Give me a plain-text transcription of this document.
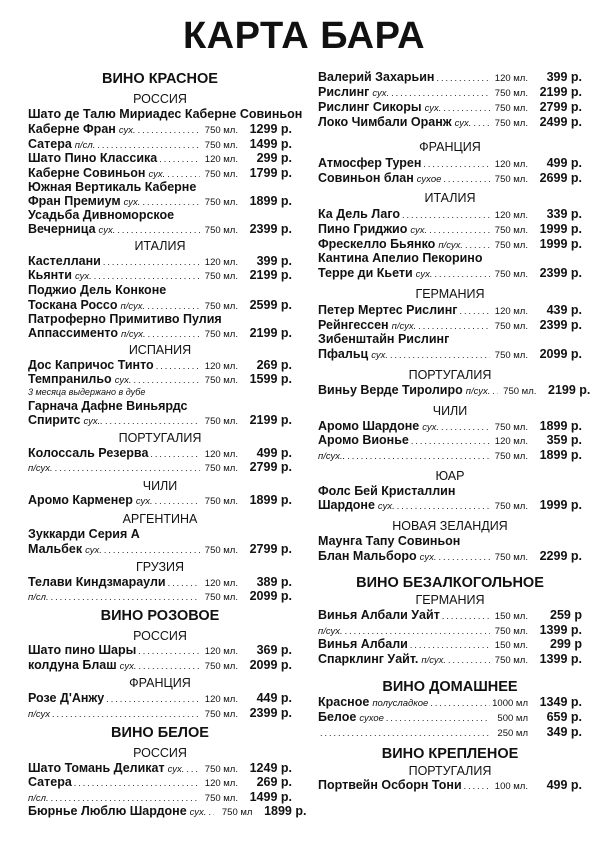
КАРТА БАРА
ВИНО КРАСНОЕ
РОССИЯ
Шато де Талю Мириадес Каберне Совиньон
Каберне Фран сух. .....	750 мл. 1299 р.
Сатера п/сл. .....	750 мл. 1499 р.
Шато Пино Классика .....	120 мл.	299 р.
Каберне Совиньон сух. .....	750 мл. 1799 р.
Южная Вертикаль Каберне
Фран Премиум сух. .....	750 мл. 1899 р.
Усадьба Дивноморское
Вечерница сух. .....	750 мл. 2399 р.
ИТАЛИЯ
Кастеллани .....	120 мл.	399 р.
Кьянти сух. .....	750 мл. 2199 р.
Поджио Дель Конконе
Тоскана Россо п/сух. .....	750 мл. 2599 р.
Патроферно Примитиво Пулия
Аппассименто п/сух. .....	750 мл. 2199 р.
ИСПАНИЯ
Дос Капричос Тинто .....	120 мл.	269 р.
Темпранильо сух. .....	750 мл. 1599 р.
3 месяца выдержано в дубе
Гарнача Дафне Виньярдс
Спиритс сух.. .....	750 мл. 2199 р.
ПОРТУГАЛИЯ
Колоссаль Резерва .....	120 мл.	499 р.
п/сух. .....	750 мл. 2799 р.
ЧИЛИ
Аромо Карменер сух. .....	750 мл. 1899 р.
АРГЕНТИНА
Зуккарди Серия А
Мальбек сух. .....	750 мл. 2799 р.
ГРУЗИЯ
Телави Киндзмараули .....	120 мл.	389 р.
п/сл. .....	750 мл. 2099 р.
ВИНО РОЗОВОЕ
РОССИЯ
Шато пино Шары .....	120 мл.	369 р.
колдуна Блаш сух. .....	750 мл. 2099 р.
ФРАНЦИЯ
Розе Д'Анжу .....	120 мл.	449 р.
п/сух .....	750 мл. 2399 р.
ВИНО БЕЛОЕ
РОССИЯ
Шато Томань Деликат сух. ..... 750 мл. 1249 р.
Сатера .....	120 мл.	269 р.
п/сл. .....	750 мл. 1499 р.
Бюрнье Люблю Шардоне сух. .....	750 мл 1899 р.
Валерий Захарьин .....	120 мл.	399 р.
Рислинг сух. .....	750 мл. 2199 р.
Рислинг Сикоры сух. .....	750 мл. 2799 р.
Локо Чимбали Оранж сух. ..... 750 мл. 2499 р.
ФРАНЦИЯ
Атмосфер Турен .....	120 мл.	499 р.
Совиньон блан сухое .....	750 мл. 2699 р.
ИТАЛИЯ
Ка Дель Лаго .....	120 мл.	339 р.
Пино Гриджио сух. .....	750 мл. 1999 р.
Фрескелло Бьянко п/сух. .....	750 мл. 1999 р.
Кантина Апелио Пекорино
Терре ди Кьети сух. .....	750 мл. 2399 р.
ГЕРМАНИЯ
Петер Мертес Рислинг .....	120 мл.	439 р.
Рейнгессен п/сух. .....	750 мл. 2399 р.
Зибенштайн Рислинг
Пфальц сух. .....	750 мл. 2099 р.
ПОРТУГАЛИЯ
Виньу Верде Тиролиро п/сух. ..... 750 мл. 2199 р.
ЧИЛИ
Аромо Шардоне сух. .....	750 мл. 1899 р.
Аромо Вионье .....	120 мл.	359 р.
п/сух.. .....	750 мл. 1899 р.
ЮАР
Фолс Бей Кристаллин
Шардоне сух. .....	750 мл. 1999 р.
НОВАЯ ЗЕЛАНДИЯ
Маунга Тапу Совиньон
Блан Мальборо сух. .....	750 мл. 2299 р.
ВИНО БЕЗАЛКОГОЛЬНОЕ
ГЕРМАНИЯ
Винья Албали Уайт .....	150 мл.	259 р
п/сух. .....	750 мл. 1399 р.
Винья Албали .....	150 мл.	299 р
Спарклинг Уайт. п/сух. .....	750 мл. 1399 р.
ВИНО ДОМАШНЕЕ
Красное полусладкое .....	1000 мл 1349 р.
Белое сухое .....	500 мл	659 р.
.....
250 мл	349 р.
ВИНО КРЕПЛЕНОЕ
ПОРТУГАЛИЯ
Портвейн Осборн Тони .....	100 мл.	499 р.
